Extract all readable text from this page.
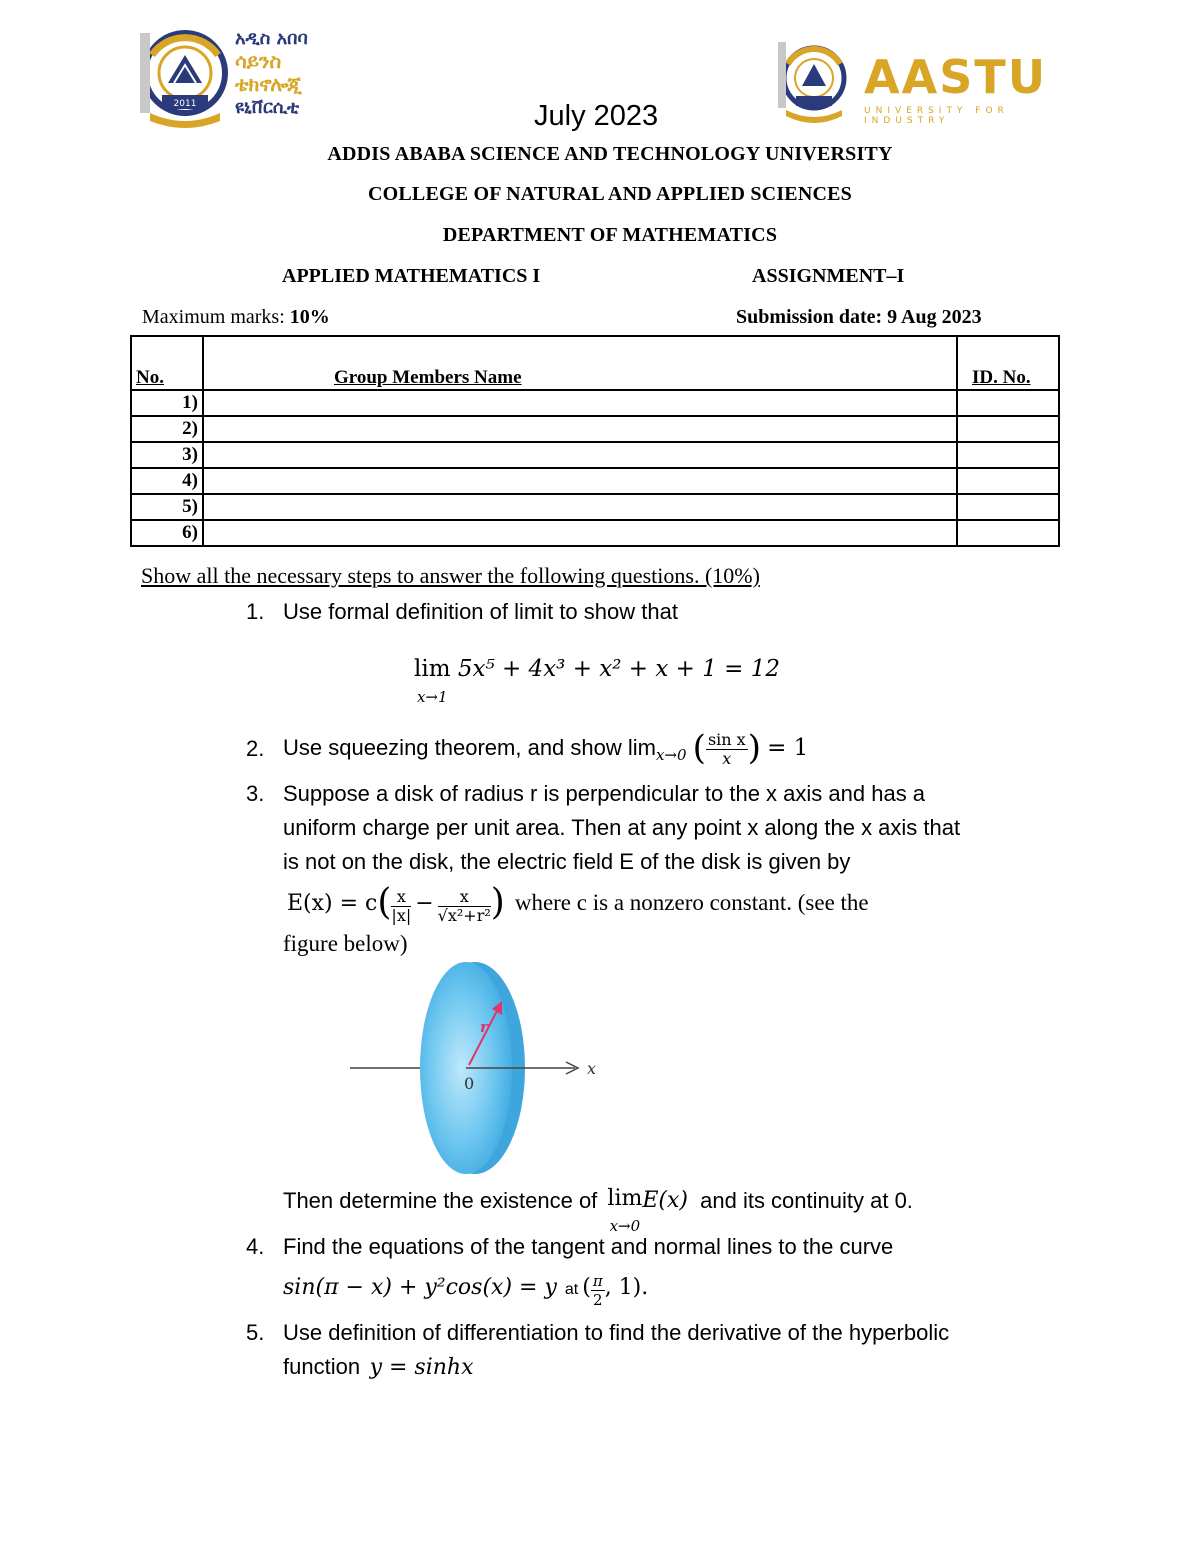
2011
አዲስ አበባ
ሳይንስ
ቴክኖሎጂ
ዩኒቨርሲቲ
AASTU
UNIVERSITY FOR INDUSTRY
July 2023
ADDIS ABABA SCIENCE AND TECHNOLOGY UNIVERSITY
COLLEGE OF NATURAL AND APPLIED SCIENCES
DEPARTMENT OF MATHEMATICS
APPLIED MATHEMATICS I	ASSIGNMENT–I
Maximum marks: 10%	Submission date: 9 Aug 2023
No.	Group Members Name	ID. No.
1)		
2)		
3)		
4)		
5)		
6)		
Show all the necessary steps to answer the following questions. (10%)
1. Use formal definition of limit to show that
lim
x→1 5x⁵ + 4x³ + x² + x + 1 = 12
2. Use squeezing theorem, and show $\lim_{x\to 0}$ ( $\frac{\text{sin x}}{x}$ ) = 1
3. Suppose a disk of radius r is perpendicular to the x axis and has a
uniform charge per unit area. Then at any point x along the x axis that
is not on the disk, the electric field E of the disk is given by
$E(x) = c( \frac{x}{|x|} - \frac{x}{\text{√x²+r²}}$ ) where c is a nonzero constant. (see the
figure below)
r
0
x
Then determine the existence of lim
x→0E(x) and its continuity at 0.
4. Find the equations of the tangent and normal lines to the curve
sin(π − x) + y²cos(x) = y at ( $\frac{\pi}{2}$ , 1).
5. Use definition of differentiation to find the derivative of the hyperbolic
function y = sinhx
